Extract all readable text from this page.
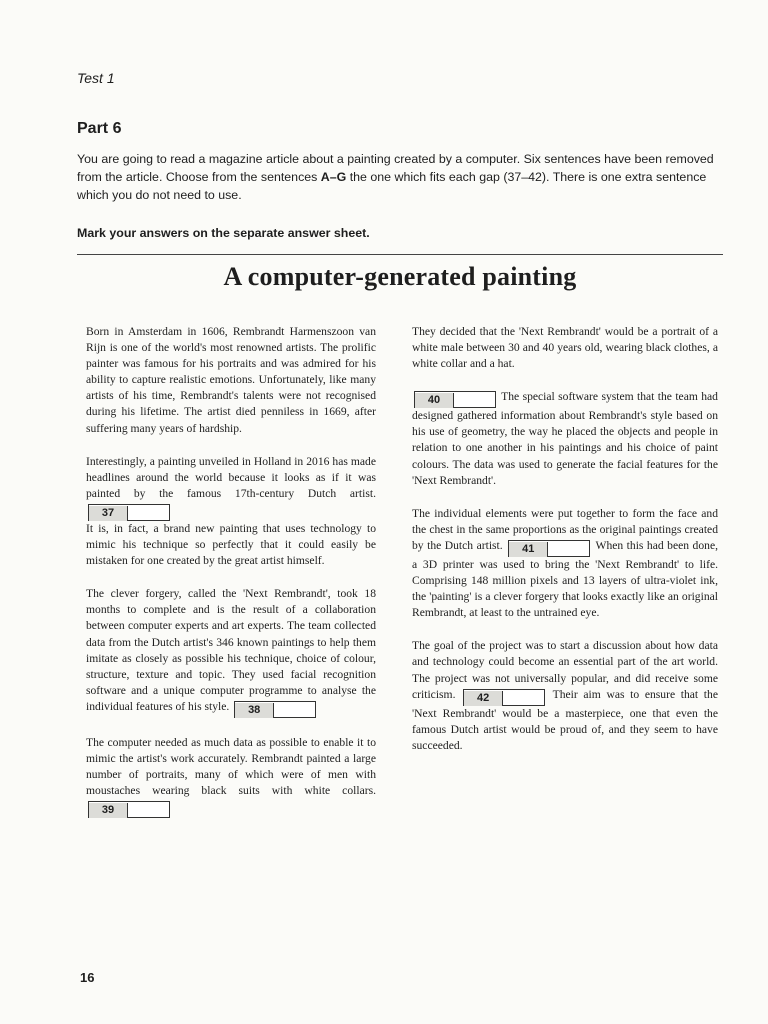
Test 1
Part 6
You are going to read a magazine article about a painting created by a computer. Six sentences have been removed from the article. Choose from the sentences A–G the one which fits each gap (37–42). There is one extra sentence which you do not need to use.
Mark your answers on the separate answer sheet.
A computer-generated painting

Born in Amsterdam in 1606, Rembrandt Harmenszoon van Rijn is one of the world's most renowned artists. The prolific painter was famous for his portraits and was admired for his ability to capture realistic emotions. Unfortunately, like many artists of his time, Rembrandt's talents were not recognised during his lifetime. The artist died penniless in 1669, after suffering many years of hardship.

Interestingly, a painting unveiled in Holland in 2016 has made headlines around the world because it looks as if it was painted by the famous 17th-century Dutch artist. 37
It is, in fact, a brand new painting that uses technology to mimic his technique so perfectly that it could easily be mistaken for one created by the great artist himself.

The clever forgery, called the 'Next Rembrandt', took 18 months to complete and is the result of a collaboration between computer experts and art experts. The team collected data from the Dutch artist's 346 known paintings to help them imitate as closely as possible his technique, choice of colour, structure, texture and topic. They used facial recognition software and a unique computer programme to analyse the individual features of his style. 38

The computer needed as much data as possible to enable it to mimic the artist's work accurately. Rembrandt painted a large number of portraits, many of which were of men with moustaches wearing black suits with white collars. 39

They decided that the 'Next Rembrandt' would be a portrait of a white male between 30 and 40 years old, wearing black clothes, a white collar and a hat.

40	The special software system that the team had designed gathered information about Rembrandt's style based on his use of geometry, the way he placed the objects and people in relation to one another in his paintings and his choice of paint colours. The data was used to generate the facial features for the 'Next Rembrandt'.

The individual elements were put together to form the face and the chest in the same proportions as the original paintings created by the Dutch artist. 41	When this had been done, a 3D printer was used to bring the 'Next Rembrandt' to life. Comprising 148 million pixels and 13 layers of ultra-violet ink, the 'painting' is a clever forgery that looks exactly like an original Rembrandt, at least to the untrained eye.

The goal of the project was to start a discussion about how data and technology could become an essential part of the art world. The project was not universally popular, and did receive some criticism. 42	Their aim was to ensure that the 'Next Rembrandt' would be a masterpiece, one that even the famous Dutch artist would be proud of, and they seem to have succeeded.

16
